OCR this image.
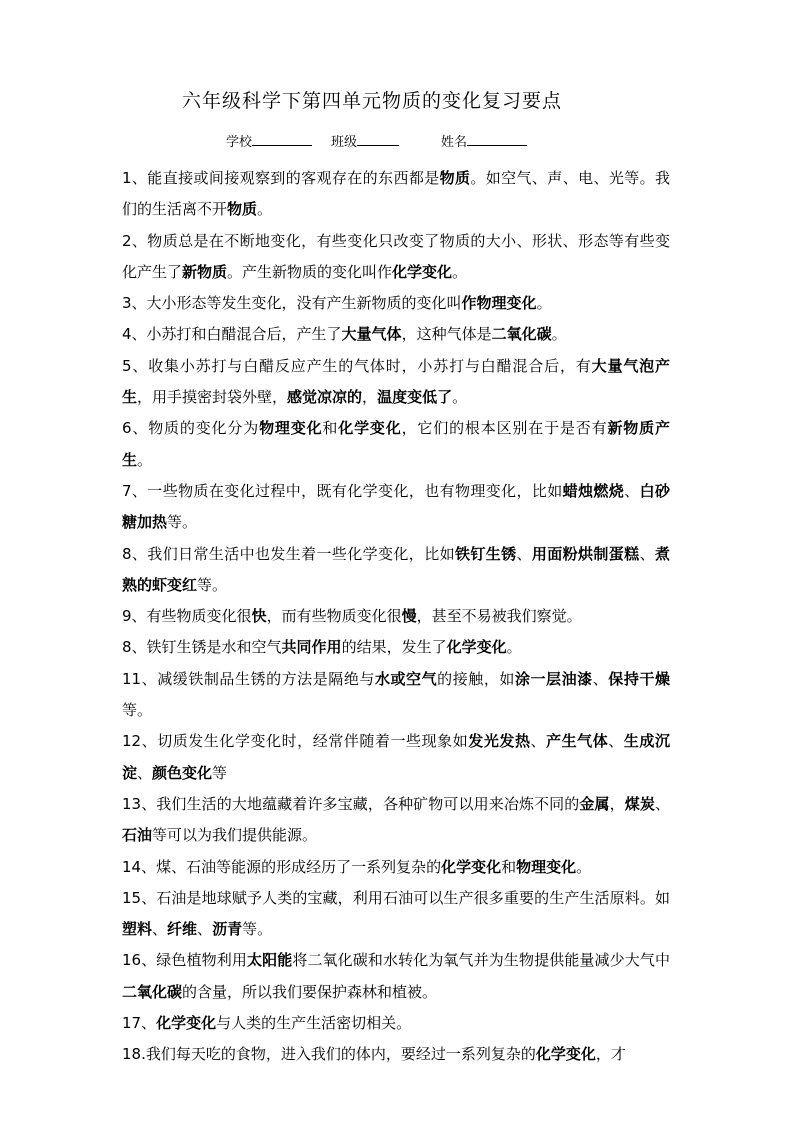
六年级科学下第四单元物质的变化复习要点
学校	班级	姓名

1、能直接或间接观察到的客观存在的东西都是物质。如空气、声、电、光等。我们的生活离不开物质。

2、物质总是在不断地变化，有些变化只改变了物质的大小、形状、形态等有些变化产生了新物质。产生新物质的变化叫作化学变化。

3、大小形态等发生变化，没有产生新物质的变化叫作物理变化。

4、小苏打和白醋混合后，产生了大量气体，这种气体是二氧化碳。

5、收集小苏打与白醋反应产生的气体时，小苏打与白醋混合后，有大量气泡产生，用手摸密封袋外壁，感觉凉凉的，温度变低了。

6、物质的变化分为物理变化和化学变化，它们的根本区别在于是否有新物质产生。

7、一些物质在变化过程中，既有化学变化，也有物理变化，比如蜡烛燃烧、白砂糖加热等。

8、我们日常生活中也发生着一些化学变化，比如铁钉生锈、用面粉烘制蛋糕、煮熟的虾变红等。

9、有些物质变化很快，而有些物质变化很慢，甚至不易被我们察觉。

8、铁钉生锈是水和空气共同作用的结果，发生了化学变化。

11、减缓铁制品生锈的方法是隔绝与水或空气的接触，如涂一层油漆、保持干燥等。

12、切质发生化学变化时，经常伴随着一些现象如发光发热、产生气体、生成沉淀、颜色变化等

13、我们生活的大地蕴藏着许多宝藏，各种矿物可以用来冶炼不同的金属，煤炭、石油等可以为我们提供能源。

14、煤、石油等能源的形成经历了一系列复杂的化学变化和物理变化。

15、石油是地球赋予人类的宝藏，利用石油可以生产很多重要的生产生活原料。如塑料、纤维、沥青等。

16、绿色植物利用太阳能将二氧化碳和水转化为氧气并为生物提供能量减少大气中二氧化碳的含量，所以我们要保护森林和植被。

17、化学变化与人类的生产生活密切相关。

18.我们每天吃的食物，进入我们的体内，要经过一系列复杂的化学变化，才
